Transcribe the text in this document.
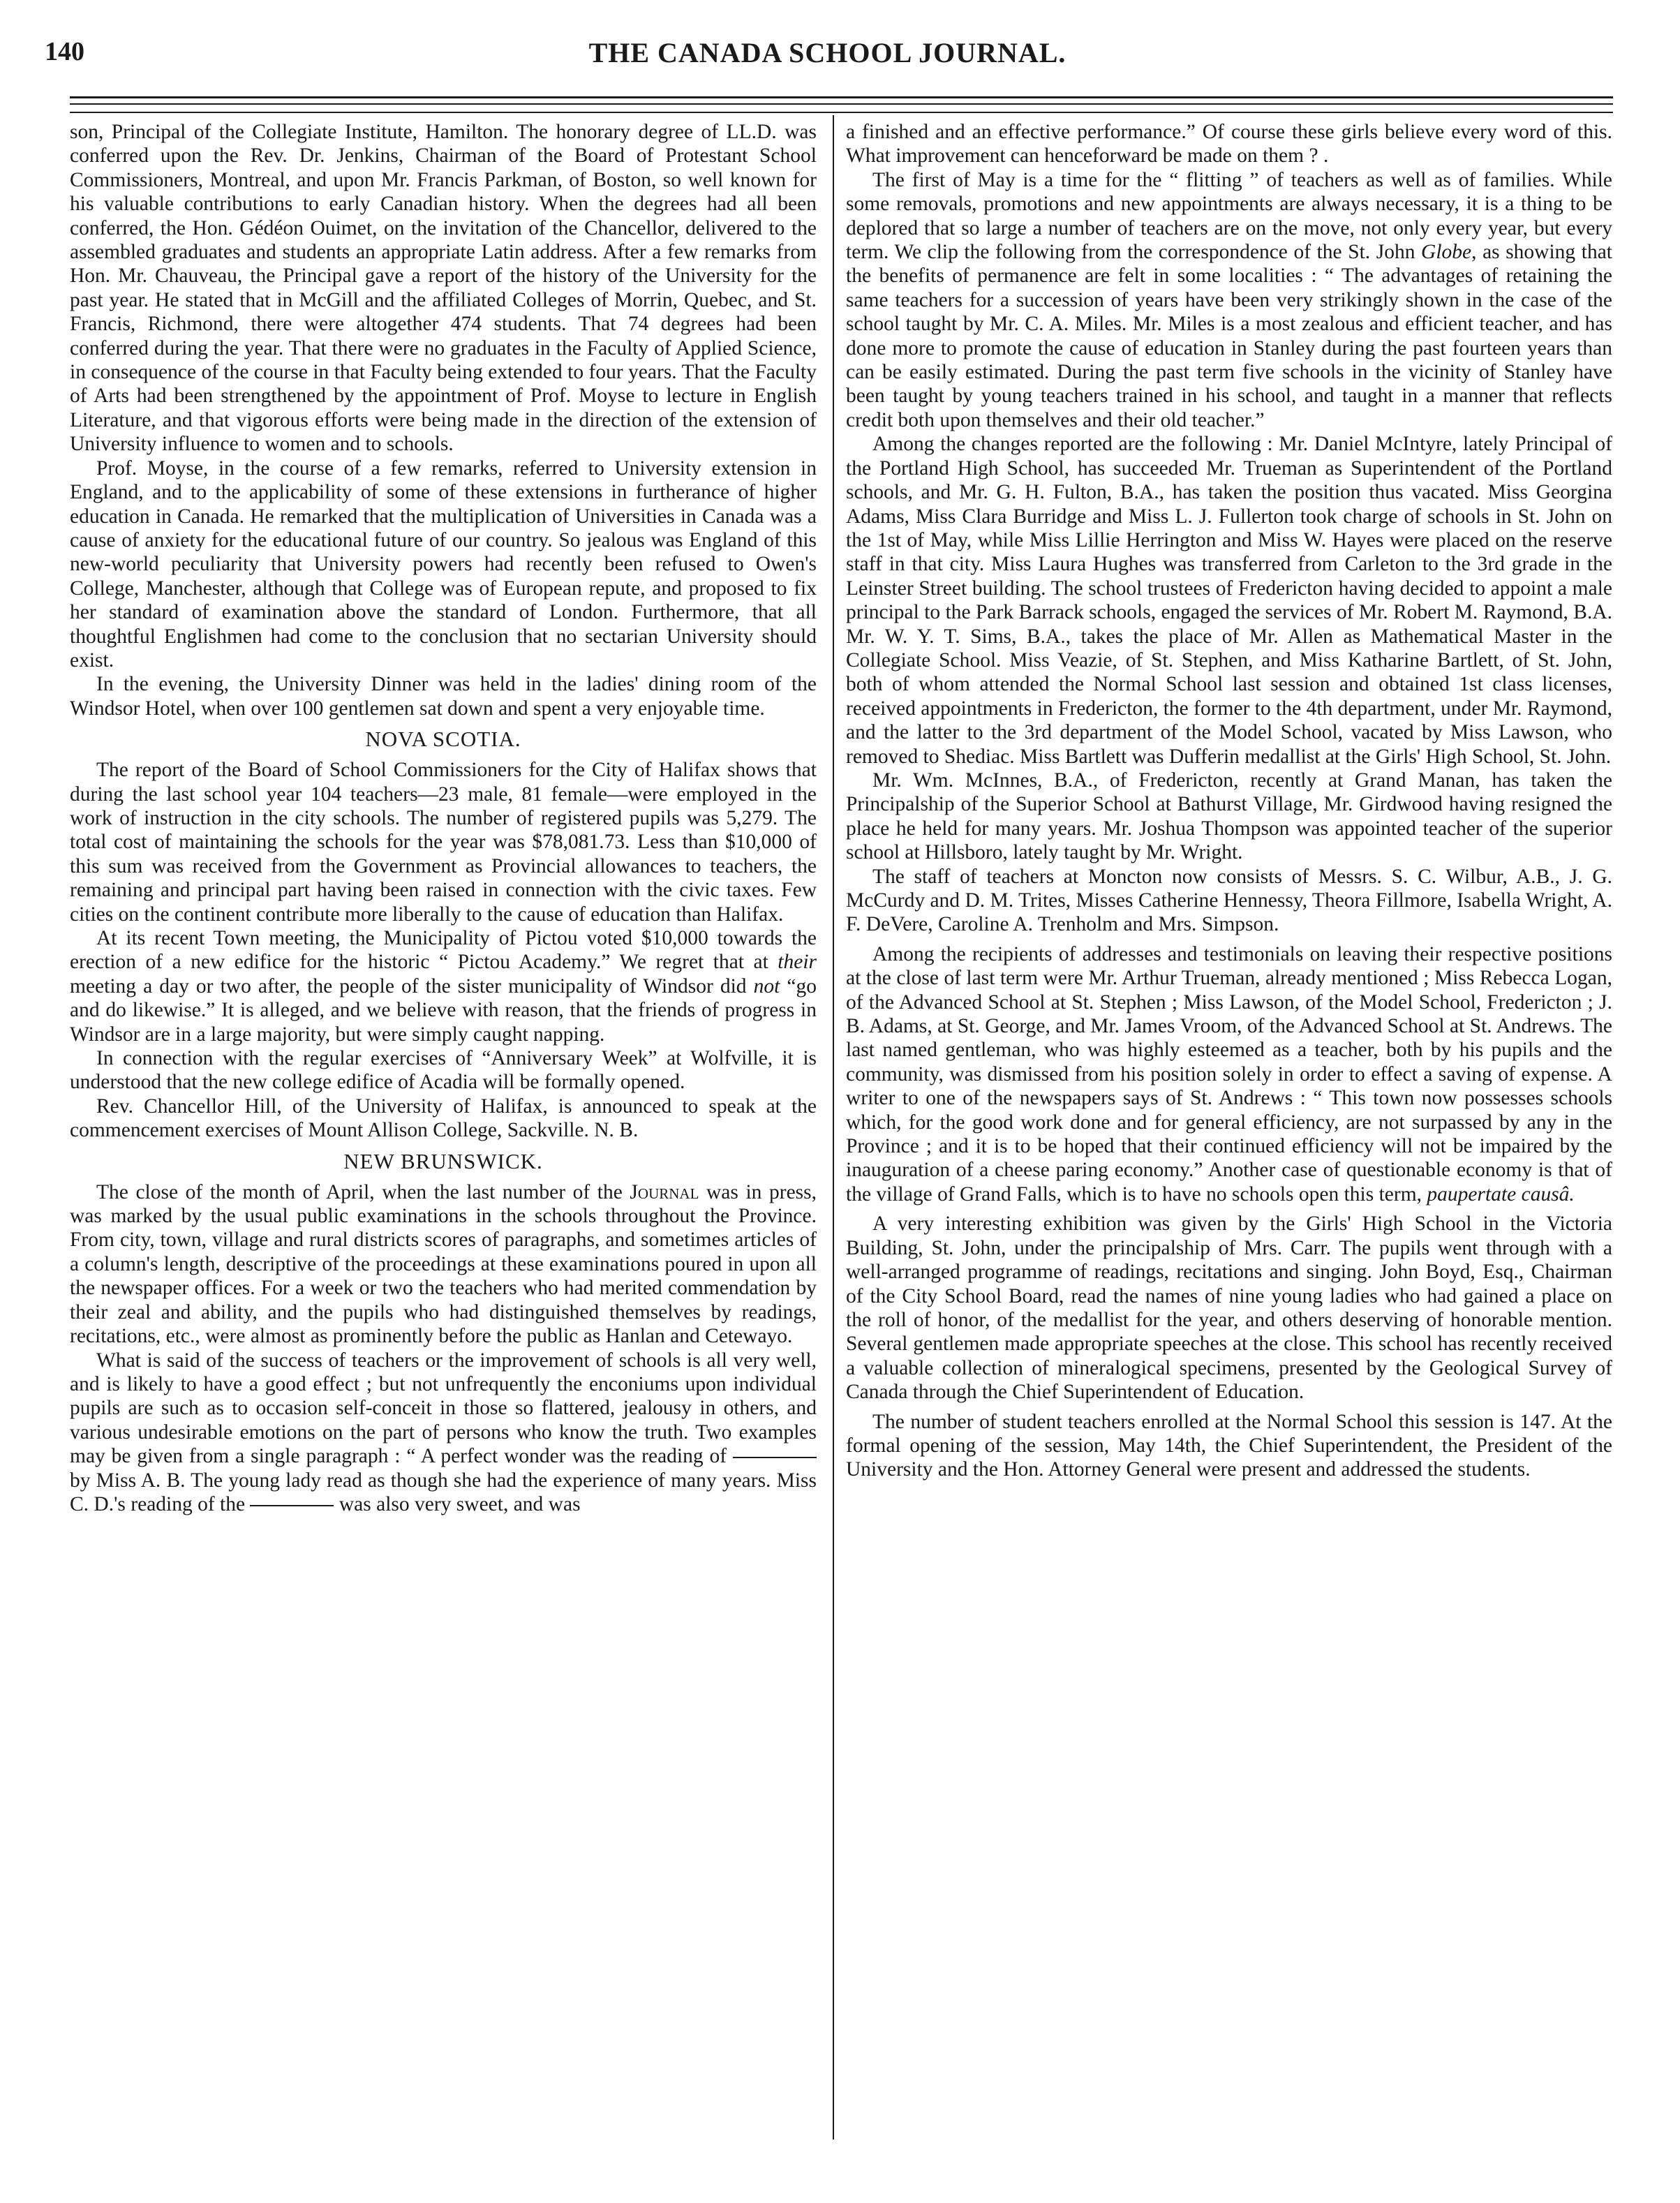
140	THE CANADA SCHOOL JOURNAL.

son, Principal of the Collegiate Institute, Hamilton. The honorary degree of LL.D. was conferred upon the Rev. Dr. Jenkins, Chairman of the Board of Protestant School Commissioners, Montreal, and upon Mr. Francis Parkman, of Boston, so well known for his valuable contributions to early Canadian history. When the degrees had all been conferred, the Hon. Gédéon Ouimet, on the invitation of the Chancellor, delivered to the assembled graduates and students an appropriate Latin address. After a few remarks from Hon. Mr. Chauveau, the Principal gave a report of the history of the University for the past year. He stated that in McGill and the affiliated Colleges of Morrin, Quebec, and St. Francis, Richmond, there were altogether 474 students. That 74 degrees had been conferred during the year. That there were no graduates in the Faculty of Applied Science, in consequence of the course in that Faculty being extended to four years. That the Faculty of Arts had been strengthened by the appointment of Prof. Moyse to lecture in English Literature, and that vigorous efforts were being made in the direction of the extension of University influence to women and to schools.

Prof. Moyse, in the course of a few remarks, referred to University extension in England, and to the applicability of some of these extensions in furtherance of higher education in Canada. He remarked that the multiplication of Universities in Canada was a cause of anxiety for the educational future of our country. So jealous was England of this new-world peculiarity that University powers had recently been refused to Owen's College, Manchester, although that College was of European repute, and proposed to fix her standard of examination above the standard of London. Furthermore, that all thoughtful Englishmen had come to the conclusion that no sectarian University should exist.

In the evening, the University Dinner was held in the ladies' dining room of the Windsor Hotel, when over 100 gentlemen sat down and spent a very enjoyable time.

NOVA SCOTIA.

The report of the Board of School Commissioners for the City of Halifax shows that during the last school year 104 teachers—23 male, 81 female—were employed in the work of instruction in the city schools. The number of registered pupils was 5,279. The total cost of maintaining the schools for the year was $78,081.73. Less than $10,000 of this sum was received from the Government as Provincial allowances to teachers, the remaining and principal part having been raised in connection with the civic taxes. Few cities on the continent contribute more liberally to the cause of education than Halifax.

At its recent Town meeting, the Municipality of Pictou voted $10,000 towards the erection of a new edifice for the historic “ Pictou Academy.” We regret that at their meeting a day or two after, the people of the sister municipality of Windsor did not “go and do likewise.” It is alleged, and we believe with reason, that the friends of progress in Windsor are in a large majority, but were simply caught napping.

In connection with the regular exercises of “Anniversary Week” at Wolfville, it is understood that the new college edifice of Acadia will be formally opened.

Rev. Chancellor Hill, of the University of Halifax, is announced to speak at the commencement exercises of Mount Allison College, Sackville. N. B.

NEW BRUNSWICK.

The close of the month of April, when the last number of the Journal was in press, was marked by the usual public examinations in the schools throughout the Province. From city, town, village and rural districts scores of paragraphs, and sometimes articles of a column's length, descriptive of the proceedings at these examinations poured in upon all the newspaper offices. For a week or two the teachers who had merited commendation by their zeal and ability, and the pupils who had distinguished themselves by readings, recitations, etc., were almost as prominently before the public as Hanlan and Cetewayo.

What is said of the success of teachers or the improvement of schools is all very well, and is likely to have a good effect ; but not unfrequently the enconiums upon individual pupils are such as to occasion self-conceit in those so flattered, jealousy in others, and various undesirable emotions on the part of persons who know the truth. Two examples may be given from a single paragraph : “ A perfect wonder was the reading of  by Miss A. B. The young lady read as though she had the experience of many years. Miss C. D.'s reading of the	was also very sweet, and was

a finished and an effective performance.” Of course these girls believe every word of this. What improvement can henceforward be made on them ? .

The first of May is a time for the “ flitting ” of teachers as well as of families. While some removals, promotions and new appointments are always necessary, it is a thing to be deplored that so large a number of teachers are on the move, not only every year, but every term. We clip the following from the correspondence of the St. John Globe, as showing that the benefits of permanence are felt in some localities : “ The advantages of retaining the same teachers for a succession of years have been very strikingly shown in the case of the school taught by Mr. C. A. Miles. Mr. Miles is a most zealous and efficient teacher, and has done more to promote the cause of education in Stanley during the past fourteen years than can be easily estimated. During the past term five schools in the vicinity of Stanley have been taught by young teachers trained in his school, and taught in a manner that reflects credit both upon themselves and their old teacher.”

Among the changes reported are the following : Mr. Daniel McIntyre, lately Principal of the Portland High School, has succeeded Mr. Trueman as Superintendent of the Portland schools, and Mr. G. H. Fulton, B.A., has taken the position thus vacated. Miss Georgina Adams, Miss Clara Burridge and Miss L. J. Fullerton took charge of schools in St. John on the 1st of May, while Miss Lillie Herrington and Miss W. Hayes were placed on the reserve staff in that city. Miss Laura Hughes was transferred from Carleton to the 3rd grade in the Leinster Street building. The school trustees of Fredericton having decided to appoint a male principal to the Park Barrack schools, engaged the services of Mr. Robert M. Raymond, B.A. Mr. W. Y. T. Sims, B.A., takes the place of Mr. Allen as Mathematical Master in the Collegiate School. Miss Veazie, of St. Stephen, and Miss Katharine Bartlett, of St. John, both of whom attended the Normal School last session and obtained 1st class licenses, received appointments in Fredericton, the former to the 4th department, under Mr. Raymond, and the latter to the 3rd department of the Model School, vacated by Miss Lawson, who removed to Shediac. Miss Bartlett was Dufferin medallist at the Girls' High School, St. John.

Mr. Wm. McInnes, B.A., of Fredericton, recently at Grand Manan, has taken the Principalship of the Superior School at Bathurst Village, Mr. Girdwood having resigned the place he held for many years. Mr. Joshua Thompson was appointed teacher of the superior school at Hillsboro, lately taught by Mr. Wright.

The staff of teachers at Moncton now consists of Messrs. S. C. Wilbur, A.B., J. G. McCurdy and D. M. Trites, Misses Catherine Hennessy, Theora Fillmore, Isabella Wright, A. F. DeVere, Caroline A. Trenholm and Mrs. Simpson.

Among the recipients of addresses and testimonials on leaving their respective positions at the close of last term were Mr. Arthur Trueman, already mentioned ; Miss Rebecca Logan, of the Advanced School at St. Stephen ; Miss Lawson, of the Model School, Fredericton ; J. B. Adams, at St. George, and Mr. James Vroom, of the Advanced School at St. Andrews. The last named gentleman, who was highly esteemed as a teacher, both by his pupils and the community, was dismissed from his position solely in order to effect a saving of expense. A writer to one of the newspapers says of St. Andrews : “ This town now possesses schools which, for the good work done and for general efficiency, are not surpassed by any in the Province ; and it is to be hoped that their continued efficiency will not be impaired by the inauguration of a cheese paring economy.” Another case of questionable economy is that of the village of Grand Falls, which is to have no schools open this term, paupertate causâ.

A very interesting exhibition was given by the Girls' High School in the Victoria Building, St. John, under the principalship of Mrs. Carr. The pupils went through with a well-arranged programme of readings, recitations and singing. John Boyd, Esq., Chairman of the City School Board, read the names of nine young ladies who had gained a place on the roll of honor, of the medallist for the year, and others deserving of honorable mention. Several gentlemen made appropriate speeches at the close. This school has recently received a valuable collection of mineralogical specimens, presented by the Geological Survey of Canada through the Chief Superintendent of Education.

The number of student teachers enrolled at the Normal School this session is 147. At the formal opening of the session, May 14th, the Chief Superintendent, the President of the University and the Hon. Attorney General were present and addressed the students.
